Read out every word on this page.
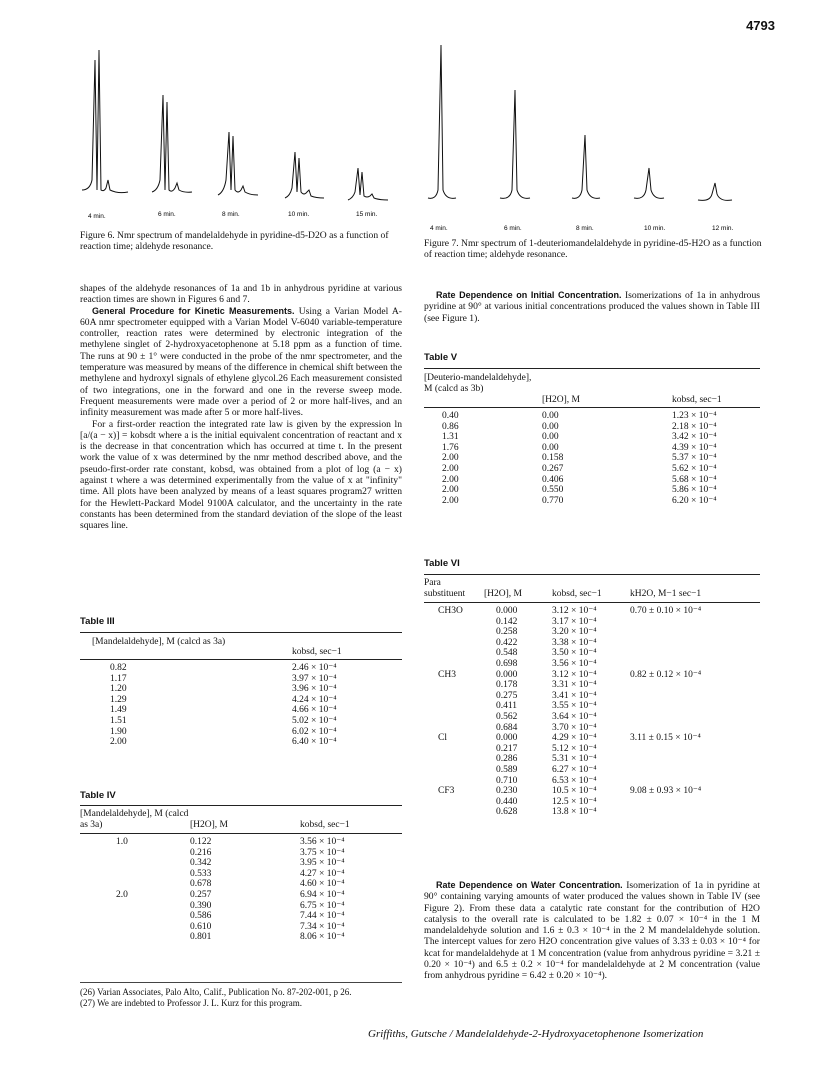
4793
4 min.	6 min.	8 min.	10 min.	15 min.
Figure 6. Nmr spectrum of mandelaldehyde in pyridine-d5-D2O as a function of reaction time; aldehyde resonance.
4 min.	6 min.	8 min.	10 min.	12 min.
Figure 7. Nmr spectrum of 1-deuteriomandelaldehyde in pyridine-d5-H2O as a function of reaction time; aldehyde resonance.

shapes of the aldehyde resonances of 1a and 1b in anhydrous pyridine at various reaction times are shown in Figures 6 and 7.

General Procedure for Kinetic Measurements. Using a Varian Model A-60A nmr spectrometer equipped with a Varian Model V-6040 variable-temperature controller, reaction rates were determined by electronic integration of the methylene singlet of 2-hydroxyacetophenone at 5.18 ppm as a function of time. The runs at 90 ± 1° were conducted in the probe of the nmr spectrometer, and the temperature was measured by means of the difference in chemical shift between the methylene and hydroxyl signals of ethylene glycol.26 Each measurement consisted of two integrations, one in the forward and one in the reverse sweep mode. Frequent measurements were made over a period of 2 or more half-lives, and an infinity measurement was made after 5 or more half-lives.

For a first-order reaction the integrated rate law is given by the expression ln [a/(a − x)] = kobsdt where a is the initial equivalent concentration of reactant and x is the decrease in that concentration which has occurred at time t. In the present work the value of x was determined by the nmr method described above, and the pseudo-first-order rate constant, kobsd, was obtained from a plot of log (a − x) against t where a was determined experimentally from the value of x at "infinity" time. All plots have been analyzed by means of a least squares program27 written for the Hewlett-Packard Model 9100A calculator, and the uncertainty in the rate constants has been determined from the standard deviation of the slope of the least squares line.

Table III
[Mandelaldehyde], M (calcd as 3a)	kobsd, sec−1
0.82	2.46 × 10⁻⁴
1.17	3.97 × 10⁻⁴
1.20	3.96 × 10⁻⁴
1.29	4.24 × 10⁻⁴
1.49	4.66 × 10⁻⁴
1.51	5.02 × 10⁻⁴
1.90	6.02 × 10⁻⁴
2.00	6.40 × 10⁻⁴
Table IV
[Mandelaldehyde], M (calcd as 3a)	[H2O], M	kobsd, sec−1
1.0	0.122	3.56 × 10⁻⁴
	0.216	3.75 × 10⁻⁴
	0.342	3.95 × 10⁻⁴
	0.533	4.27 × 10⁻⁴
	0.678	4.60 × 10⁻⁴
2.0	0.257	6.94 × 10⁻⁴
	0.390	6.75 × 10⁻⁴
	0.586	7.44 × 10⁻⁴
	0.610	7.34 × 10⁻⁴
	0.801	8.06 × 10⁻⁴
(26) Varian Associates, Palo Alto, Calif., Publication No. 87-202-001, p 26.
(27) We are indebted to Professor J. L. Kurz for this program.

Rate Dependence on Initial Concentration. Isomerizations of 1a in anhydrous pyridine at 90° at various initial concentrations produced the values shown in Table III (see Figure 1).

Table V
[Deuterio-mandelaldehyde], M (calcd as 3b)	[H2O], M	kobsd, sec−1
0.40	0.00	1.23 × 10⁻⁴
0.86	0.00	2.18 × 10⁻⁴
1.31	0.00	3.42 × 10⁻⁴
1.76	0.00	4.39 × 10⁻⁴
2.00	0.158	5.37 × 10⁻⁴
2.00	0.267	5.62 × 10⁻⁴
2.00	0.406	5.68 × 10⁻⁴
2.00	0.550	5.86 × 10⁻⁴
2.00	0.770	6.20 × 10⁻⁴
Table VI
Para substituent	[H2O], M	kobsd, sec−1	kH2O, M−1 sec−1
CH3O	0.000	3.12 × 10⁻⁴	0.70 ± 0.10 × 10⁻⁴
	0.142	3.17 × 10⁻⁴	
	0.258	3.20 × 10⁻⁴	
	0.422	3.38 × 10⁻⁴	
	0.548	3.50 × 10⁻⁴	
	0.698	3.56 × 10⁻⁴	
CH3	0.000	3.12 × 10⁻⁴	0.82 ± 0.12 × 10⁻⁴
	0.178	3.31 × 10⁻⁴	
	0.275	3.41 × 10⁻⁴	
	0.411	3.55 × 10⁻⁴	
	0.562	3.64 × 10⁻⁴	
	0.684	3.70 × 10⁻⁴	
Cl	0.000	4.29 × 10⁻⁴	3.11 ± 0.15 × 10⁻⁴
	0.217	5.12 × 10⁻⁴	
	0.286	5.31 × 10⁻⁴	
	0.589	6.27 × 10⁻⁴	
	0.710	6.53 × 10⁻⁴	
CF3	0.230	10.5 × 10⁻⁴	9.08 ± 0.93 × 10⁻⁴
	0.440	12.5 × 10⁻⁴	
	0.628	13.8 × 10⁻⁴	

Rate Dependence on Water Concentration. Isomerization of 1a in pyridine at 90° containing varying amounts of water produced the values shown in Table IV (see Figure 2). From these data a catalytic rate constant for the contribution of H2O catalysis to the overall rate is calculated to be 1.82 ± 0.07 × 10⁻⁴ in the 1 M mandelaldehyde solution and 1.6 ± 0.3 × 10⁻⁴ in the 2 M mandelaldehyde solution. The intercept values for zero H2O concentration give values of 3.33 ± 0.03 × 10⁻⁴ for kcat for mandelaldehyde at 1 M concentration (value from anhydrous pyridine = 3.21 ± 0.20 × 10⁻⁴) and 6.5 ± 0.2 × 10⁻⁴ for mandelaldehyde at 2 M concentration (value from anhydrous pyridine = 6.42 ± 0.20 × 10⁻⁴).

Griffiths, Gutsche / Mandelaldehyde-2-Hydroxyacetophenone Isomerization
